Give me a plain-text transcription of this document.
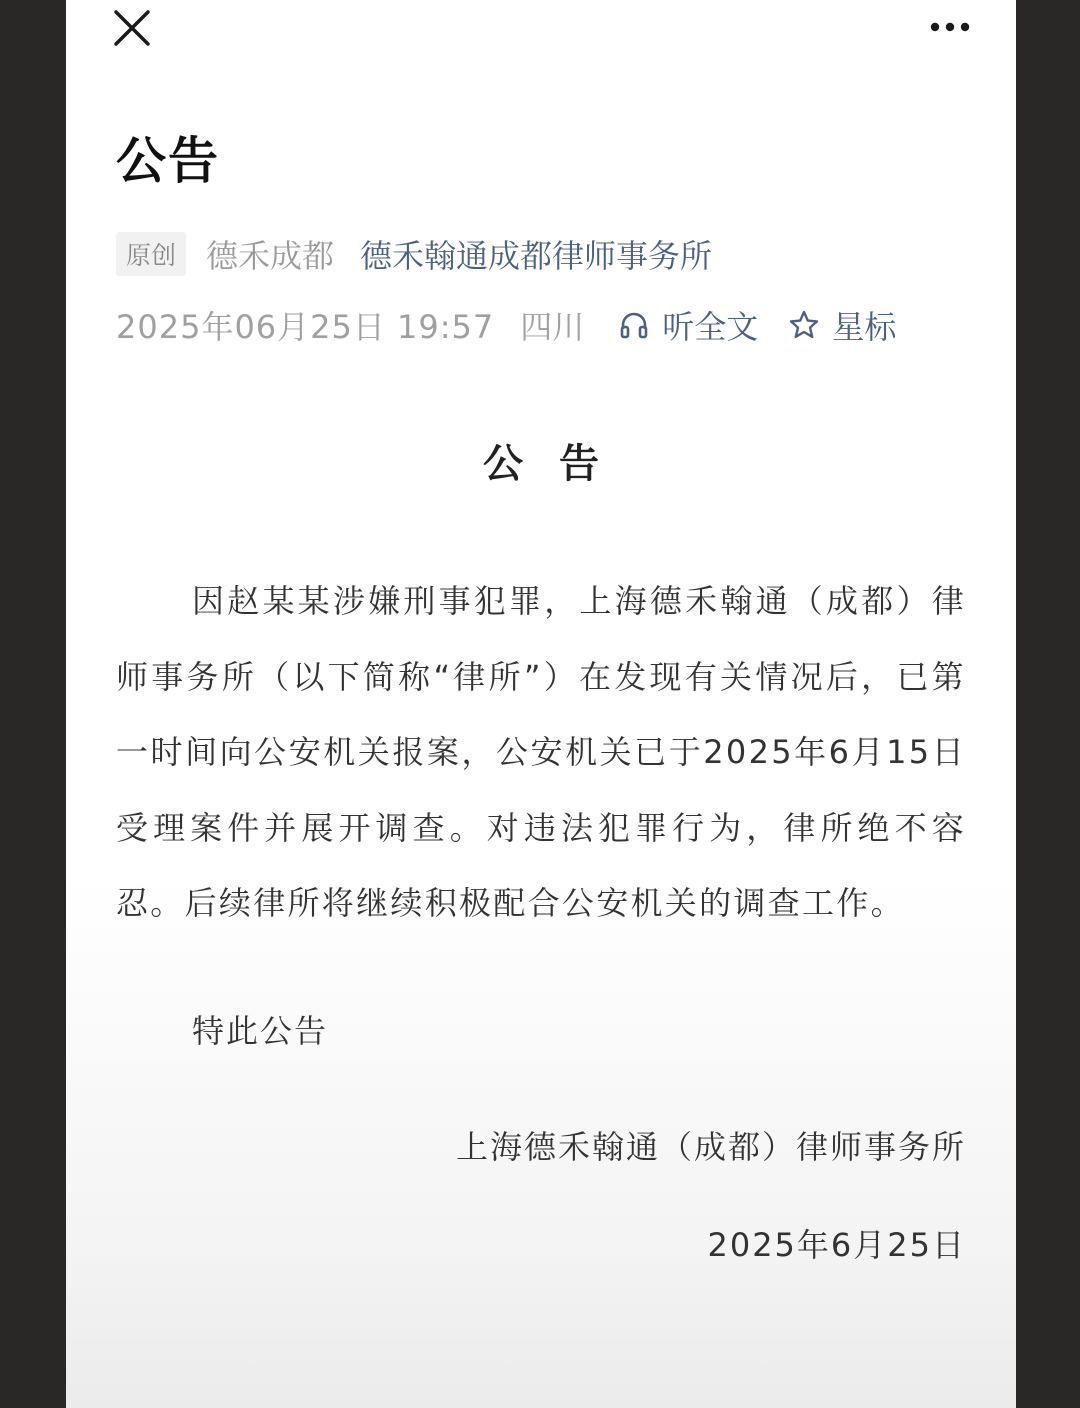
公告
原创 德禾成都 德禾翰通成都律师事务所
2025年06月25日 19:57 四川 听全文 星标
公告

因赵某某涉嫌刑事犯罪，上海德禾翰通（成都）律师事务所（以下简称“律所”）在发现有关情况后，已第一时间向公安机关报案，公安机关已于2025年6月15日受理案件并展开调查。对违法犯罪行为，律所绝不容忍。后续律所将继续积极配合公安机关的调查工作。

特此公告
上海德禾翰通（成都）律师事务所
2025年6月25日
